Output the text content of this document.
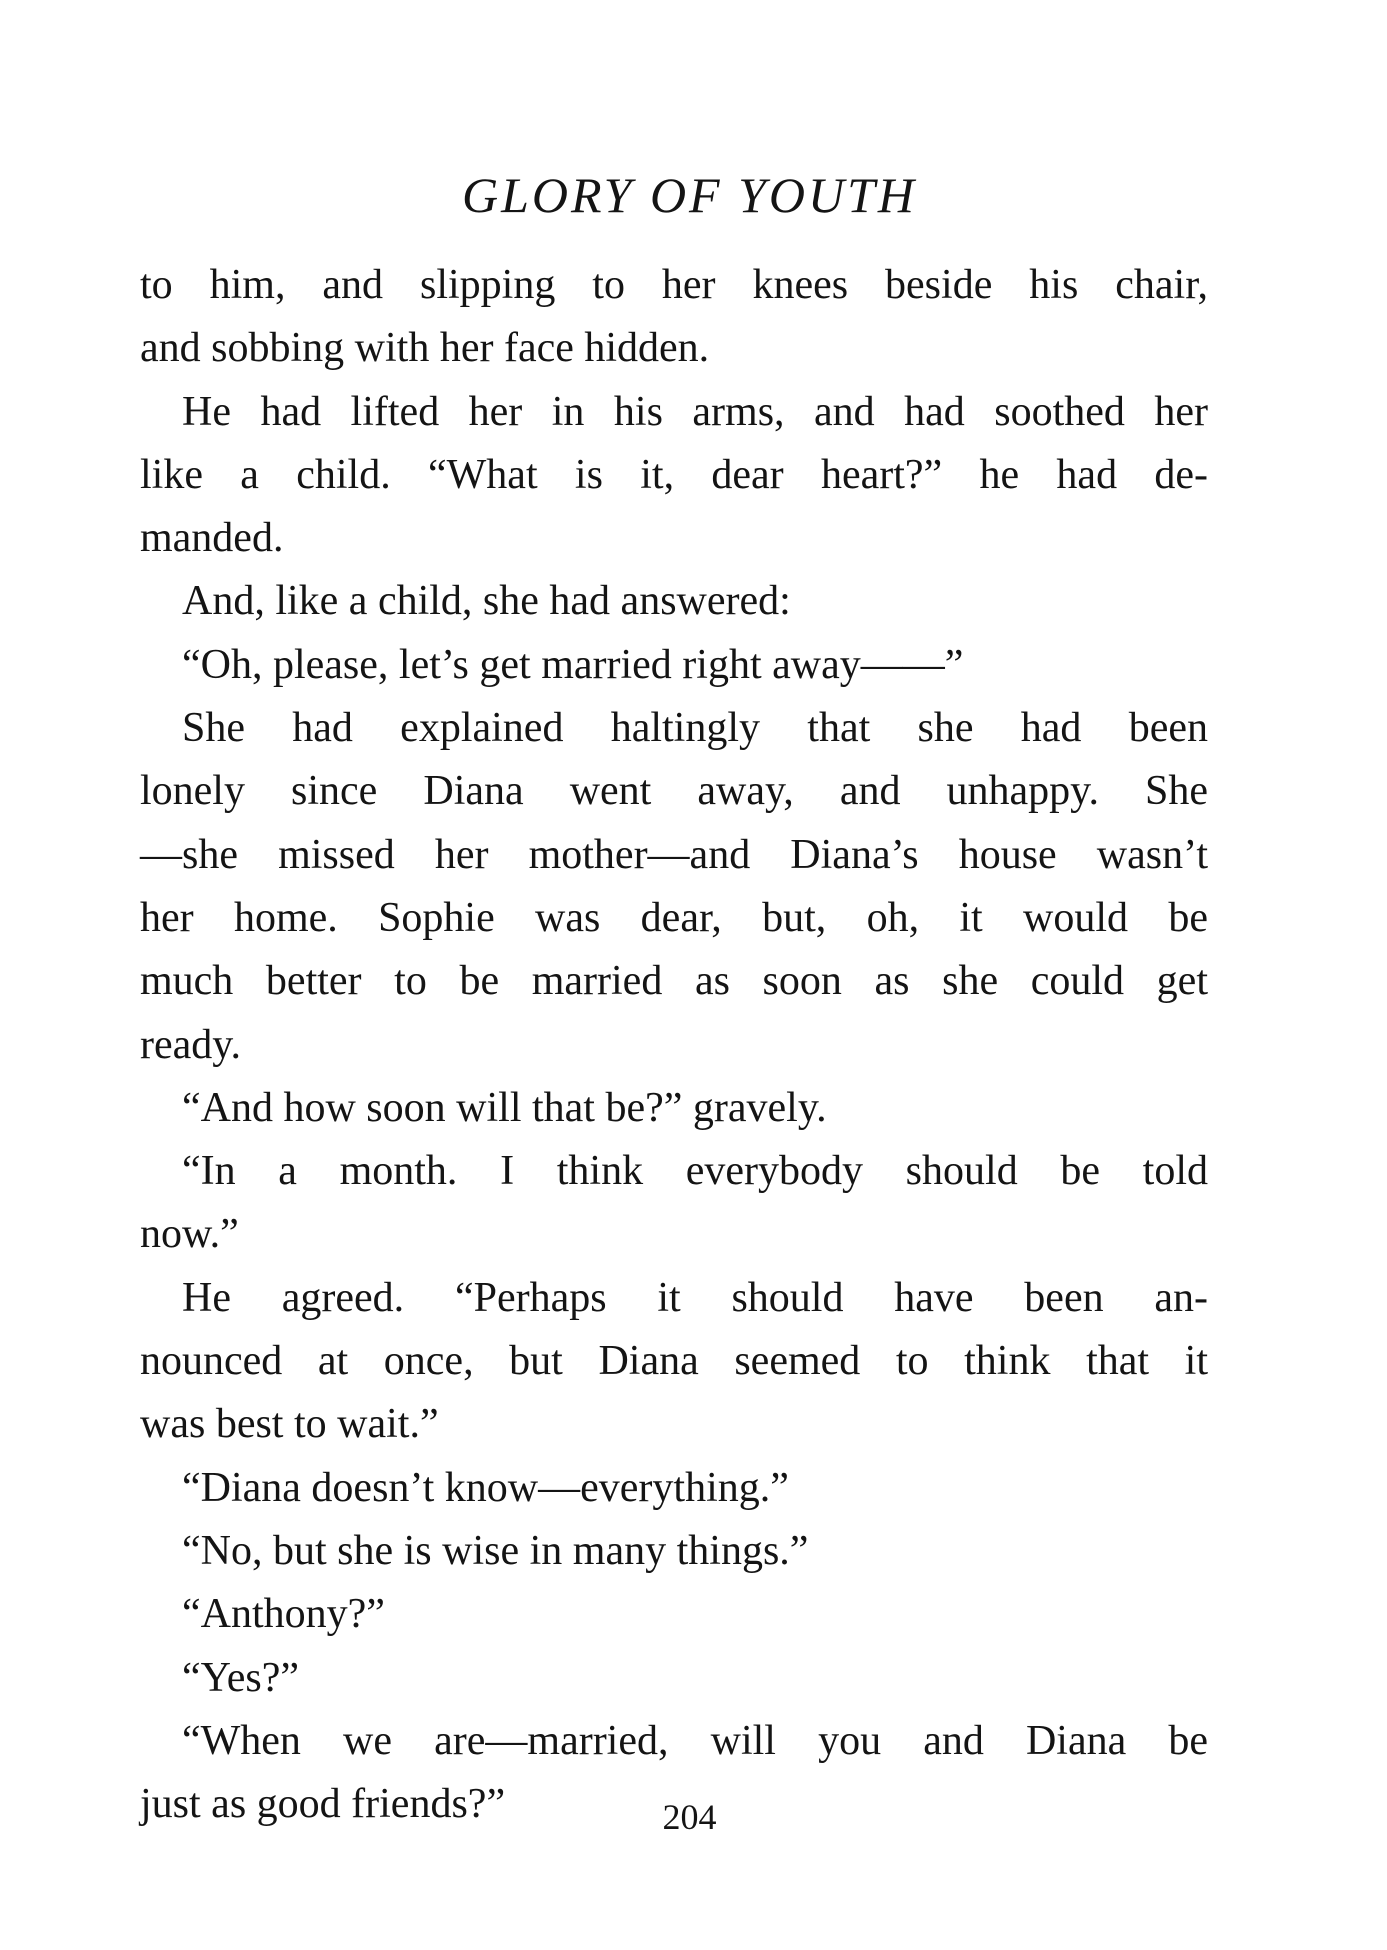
GLORY OF YOUTH
to him, and slipping to her knees beside his chair,
and sobbing with her face hidden.
He had lifted her in his arms, and had soothed her
like a child. “What is it, dear heart?” he had de-
manded.
And, like a child, she had answered:
“Oh, please, let’s get married right away——”
She had explained haltingly that she had been
lonely since Diana went away, and unhappy. She
—she missed her mother—and Diana’s house wasn’t
her home. Sophie was dear, but, oh, it would be
much better to be married as soon as she could get
ready.
“And how soon will that be?” gravely.
“In a month. I think everybody should be told
now.”
He agreed. “Perhaps it should have been an-
nounced at once, but Diana seemed to think that it
was best to wait.”
“Diana doesn’t know—everything.”
“No, but she is wise in many things.”
“Anthony?”
“Yes?”
“When we are—married, will you and Diana be
just as good friends?”	204
